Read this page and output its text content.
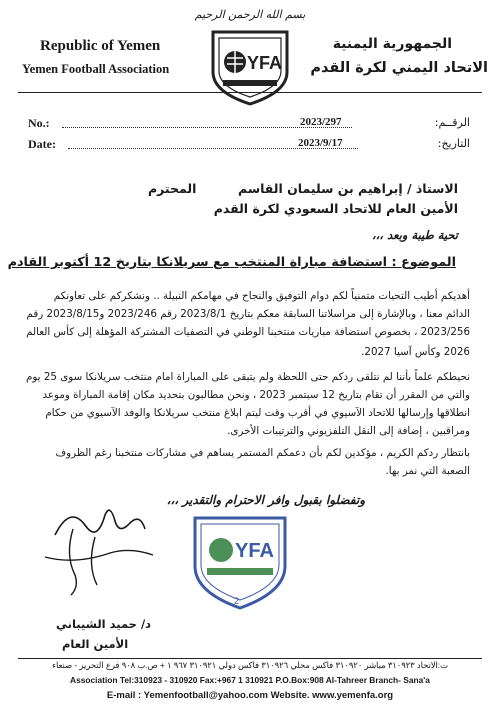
بسم الله الرحمن الرحيم
Republic of Yemen
Yemen Football Association
الجمهورية اليمنية
الاتحاد اليمني لكرة القدم
YFA
No.:	2023/297	الرقــم:
Date:	2023/9/17	التاريخ:
الاستاذ / إبراهيم بن سليمان القاسم
المحترم
الأمين العام للاتحاد السعودي لكرة القدم
تحية طيبة وبعد ،،،
الموضوع : استضافة مباراة المنتخب مع سريلانكا بتاريخ 12 أكتوبر القادم
أهديكم أطيب التحيات متمنياً لكم دوام التوفيق والنجاح في مهامكم النبيلة .. ونشكركم على تعاونكم
الدائم معنا ، وبالإشارة إلى مراسلاتنا السابقة معكم بتاريخ 2023/8/1 رقم 2023/246 و2023/8/15 رقم
2023/256 ، بخصوص استضافة مباريات منتخبنا الوطني في التصفيات المشتركة المؤهلة إلى كأس العالم
2026 وكأس آسيا 2027.
نحيطكم علماً بأننا لم نتلقى ردكم حتى اللحظة ولم يتبقى على المباراة امام منتخب سريلانكا سوى 25 يوم
والتي من المقرر أن تقام بتاريخ 12 سبتمبر 2023 ، ونحن مطالبون بتحديد مكان إقامة المباراة وموعد
انطلاقها وإرسالها للاتحاد الآسيوي في أقرب وقت ليتم ابلاغ منتخب سريلانكا والوفد الآسيوي من حكام
ومراقبين ، إضافة إلى النقل التلفزيوني والترتيبات الأخرى.
بانتظار ردكم الكريم ، مؤكدين لكم بأن دعمكم المستمر يساهم في مشاركات منتخبنا رغم الظروف
الصعبة التي نمر بها.
وتفضلوا بقبول وافر الاحترام والتقدير ،،،
د/ حميد الشيباني
الأمين العام
YFA
2
ت:الاتحاد ٣١٠٩٢٣ مباشر ٣١٠٩٢٠ فاكس محلي ٣١٠٩٢٦ فاكس دولي ٣١٠٩٢١ ٩٦٧ ١ + ص.ب ٩٠٨ فرع التحرير - صنعاء
Association Tel:310923 - 310920 Fax:+967 1 310921 P.O.Box:908 Al-Tahreer Branch- Sana'a
E-mail : Yemenfootball@yahoo.com Website. www.yemenfa.org
